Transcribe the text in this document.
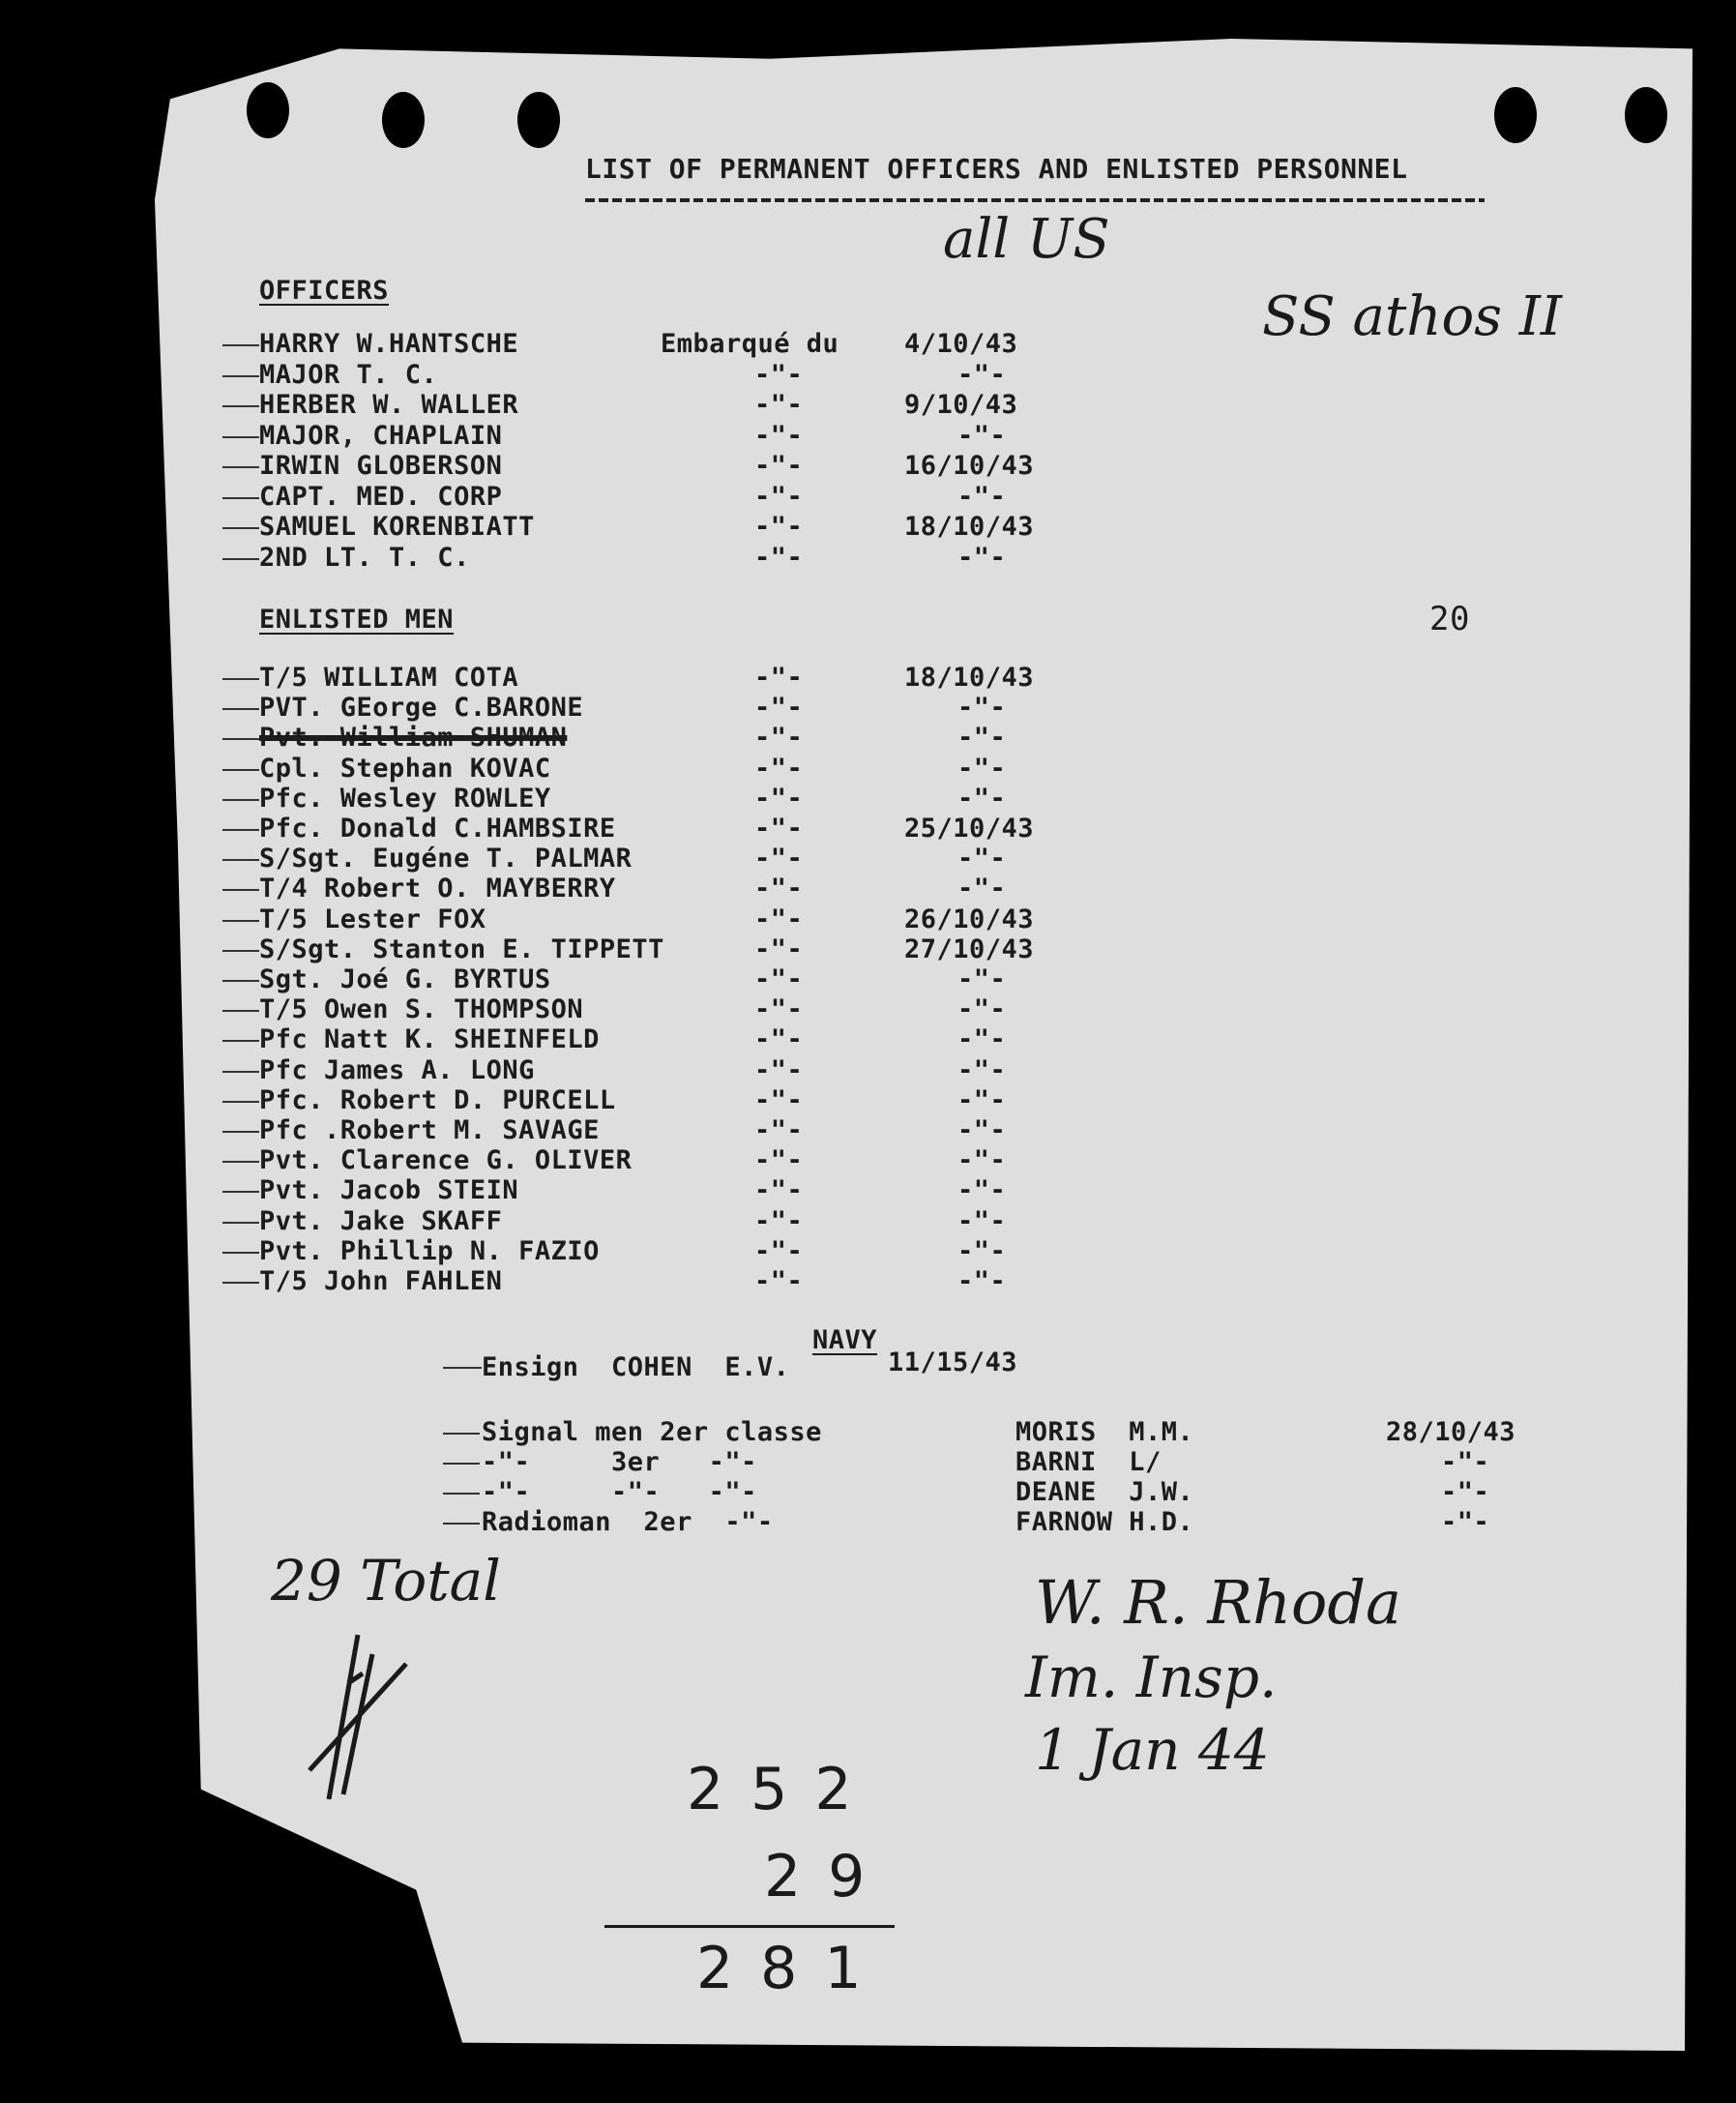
LIST OF PERMANENT OFFICERS AND ENLISTED PERSONNEL
all US
SS athos II
OFFICERS
HARRY W.HANTSCHE	Embarqué du	4/10/43
MAJOR T. C.	-"-	-"-
HERBER W. WALLER	-"-	9/10/43
MAJOR, CHAPLAIN	-"-	-"-
IRWIN GLOBERSON	-"-	16/10/43
CAPT. MED. CORP	-"-	-"-
SAMUEL KORENBIATT	-"-	18/10/43
2ND LT. T. C.	-"-	-"-
20
ENLISTED MEN
T/5 WILLIAM COTA	-"-	18/10/43
PVT. GEorge C.BARONE	-"-	-"-
Pvt. William SHUMAN	-"-	-"-
Cpl. Stephan KOVAC	-"-	-"-
Pfc. Wesley ROWLEY	-"-	-"-
Pfc. Donald C.HAMBSIRE	-"-	25/10/43
S/Sgt. Eugéne T. PALMAR	-"-	-"-
T/4 Robert O. MAYBERRY	-"-	-"-
T/5 Lester FOX	-"-	26/10/43
S/Sgt. Stanton E. TIPPETT	-"-	27/10/43
Sgt. Joé G. BYRTUS	-"-	-"-
T/5 Owen S. THOMPSON	-"-	-"-
Pfc Natt K. SHEINFELD	-"-	-"-
Pfc James A. LONG	-"-	-"-
Pfc. Robert D. PURCELL	-"-	-"-
Pfc .Robert M. SAVAGE	-"-	-"-
Pvt. Clarence G. OLIVER	-"-	-"-
Pvt. Jacob STEIN	-"-	-"-
Pvt. Jake SKAFF	-"-	-"-
Pvt. Phillip N. FAZIO	-"-	-"-
T/5 John FAHLEN	-"-	-"-
NAVY
Ensign  COHEN  E.V.	11/15/43
Signal men 2er classe	MORIS  M.M.	28/10/43
-"-     3er   -"-	BARNI  L/	-"-
-"-     -"-   -"-	DEANE  J.W.	-"-
Radioman  2er  -"-	FARNOW H.D.	-"-
29 Total	W. R. Rhoda
Im. Insp.
1 Jan 44
252
29
281
